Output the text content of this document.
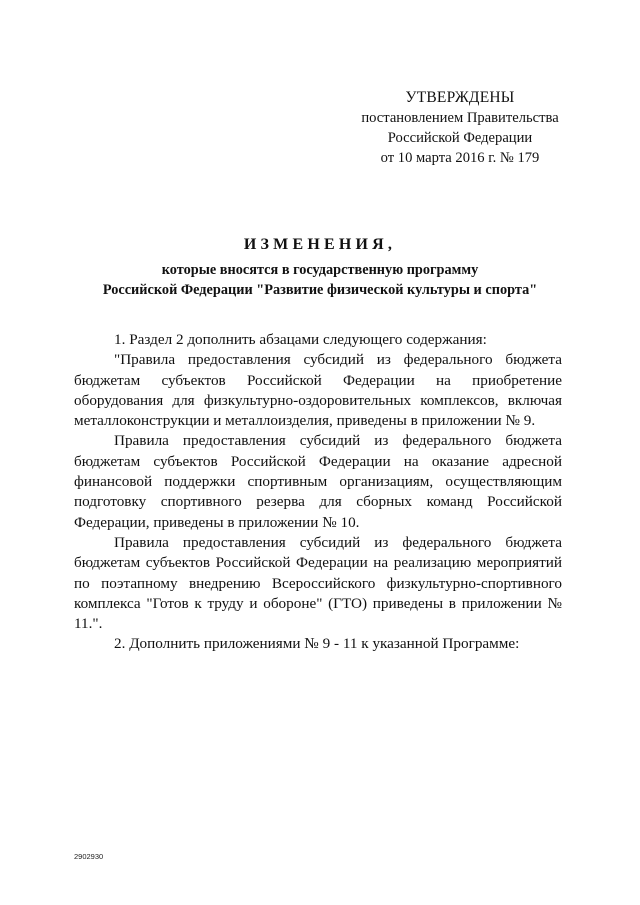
УТВЕРЖДЕНЫ
постановлением Правительства
Российской Федерации
от 10 марта 2016 г. № 179
ИЗМЕНЕНИЯ,
которые вносятся в государственную программу
Российской Федерации "Развитие физической культуры и спорта"

1. Раздел 2 дополнить абзацами следующего содержания:

"Правила предоставления субсидий из федерального бюджета бюджетам субъектов Российской Федерации на приобретение оборудования для физкультурно-оздоровительных комплексов, включая металлоконструкции и металлоизделия, приведены в приложении № 9.

Правила предоставления субсидий из федерального бюджета бюджетам субъектов Российской Федерации на оказание адресной финансовой поддержки спортивным организациям, осуществляющим подготовку спортивного резерва для сборных команд Российской Федерации, приведены в приложении № 10.

Правила предоставления субсидий из федерального бюджета бюджетам субъектов Российской Федерации на реализацию мероприятий по поэтапному внедрению Всероссийского физкультурно-спортивного комплекса "Готов к труду и обороне" (ГТО) приведены в приложении № 11.".

2. Дополнить приложениями № 9 - 11 к указанной Программе:

2902930
